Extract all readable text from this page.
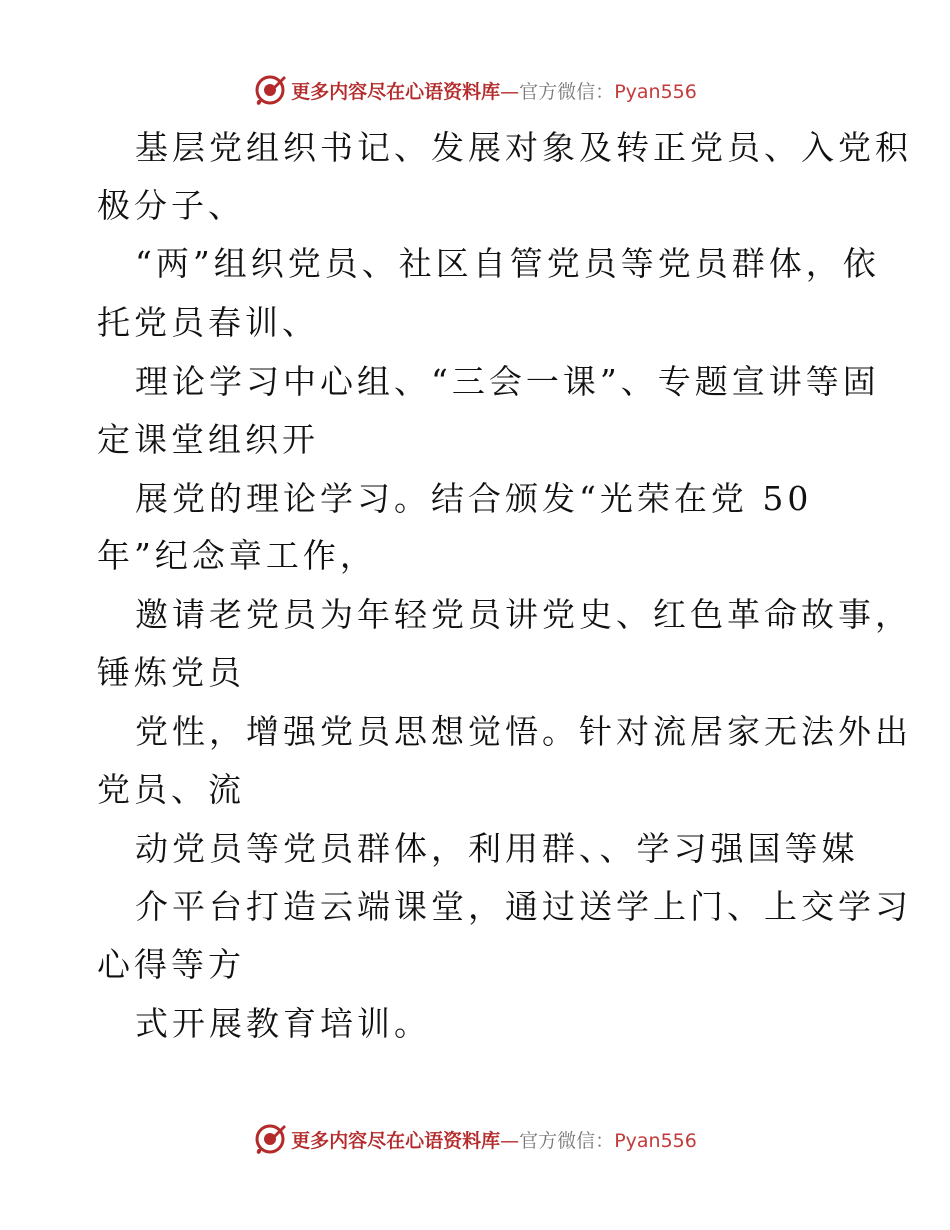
更多内容尽在心语资料库—官方微信：Pyan556
基层党组织书记、发展对象及转正党员、入党积
极分子、
“两”组织党员、社区自管党员等党员群体，依
托党员春训、
理论学习中心组、“三会一课”、专题宣讲等固
定课堂组织开
展党的理论学习。结合颁发“光荣在党 50
年”纪念章工作，
邀请老党员为年轻党员讲党史、红色革命故事，
锤炼党员
党性，增强党员思想觉悟。针对流居家无法外出
党员、流
动党员等党员群体，利用群、、学习强国等媒
介平台打造云端课堂，通过送学上门、上交学习
心得等方
式开展教育培训。
更多内容尽在心语资料库—官方微信：Pyan556
